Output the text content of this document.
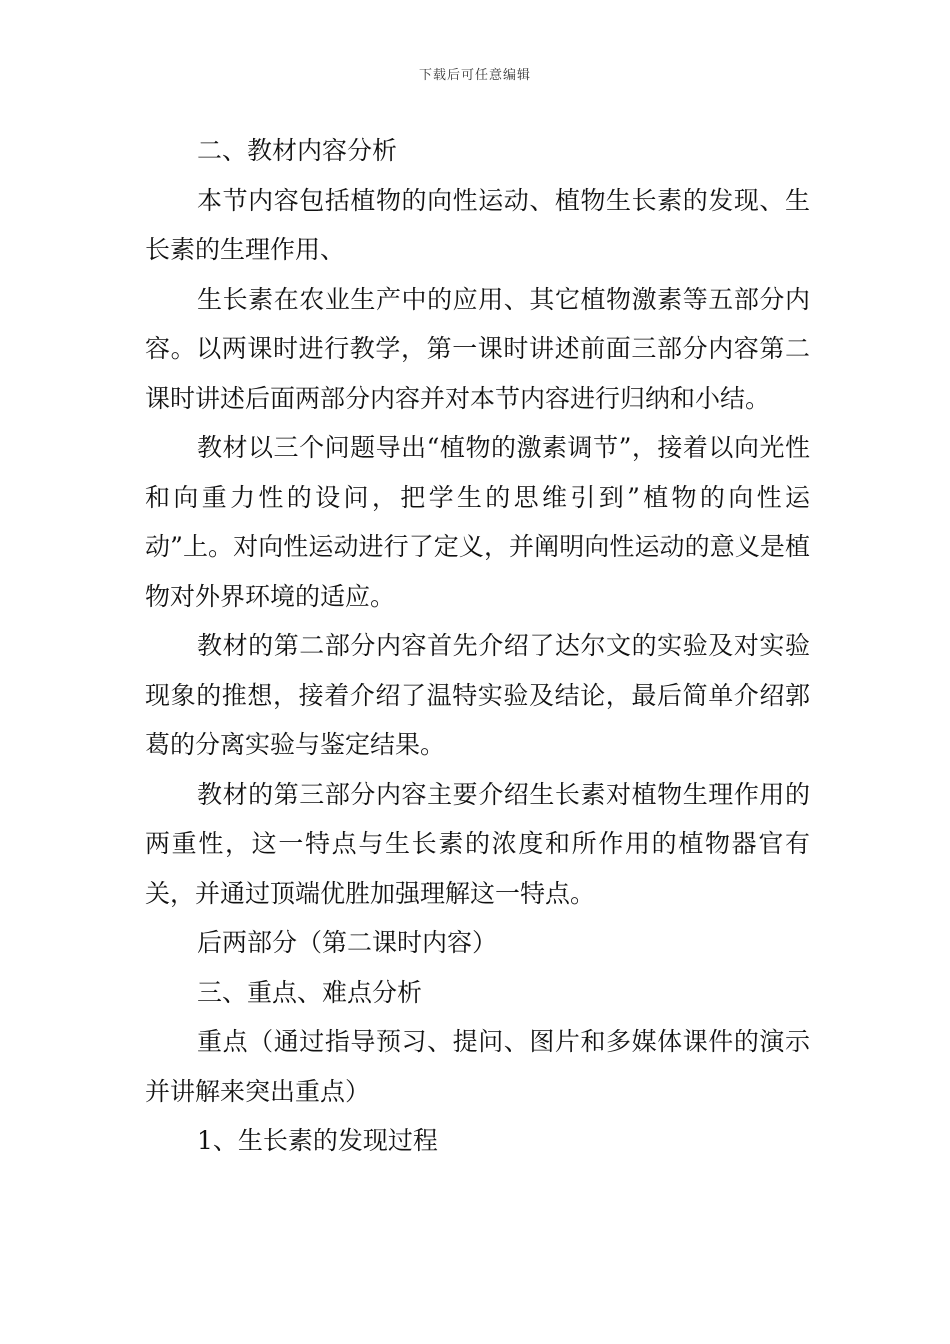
下载后可任意编辑

二、教材内容分析

本节内容包括植物的向性运动、植物生长素的发现、生长素的生理作用、

生长素在农业生产中的应用、其它植物激素等五部分内容。以两课时进行教学，第一课时讲述前面三部分内容第二课时讲述后面两部分内容并对本节内容进行归纳和小结。

教材以三个问题导出“植物的激素调节”，接着以向光性和向重力性的设问，把学生的思维引到”植物的向性运动”上。对向性运动进行了定义，并阐明向性运动的意义是植物对外界环境的适应。

教材的第二部分内容首先介绍了达尔文的实验及对实验现象的推想，接着介绍了温特实验及结论，最后简单介绍郭葛的分离实验与鉴定结果。

教材的第三部分内容主要介绍生长素对植物生理作用的两重性，这一特点与生长素的浓度和所作用的植物器官有关，并通过顶端优胜加强理解这一特点。

后两部分（第二课时内容）

三、重点、难点分析

重点（通过指导预习、提问、图片和多媒体课件的演示并讲解来突出重点）

1、生长素的发现过程
